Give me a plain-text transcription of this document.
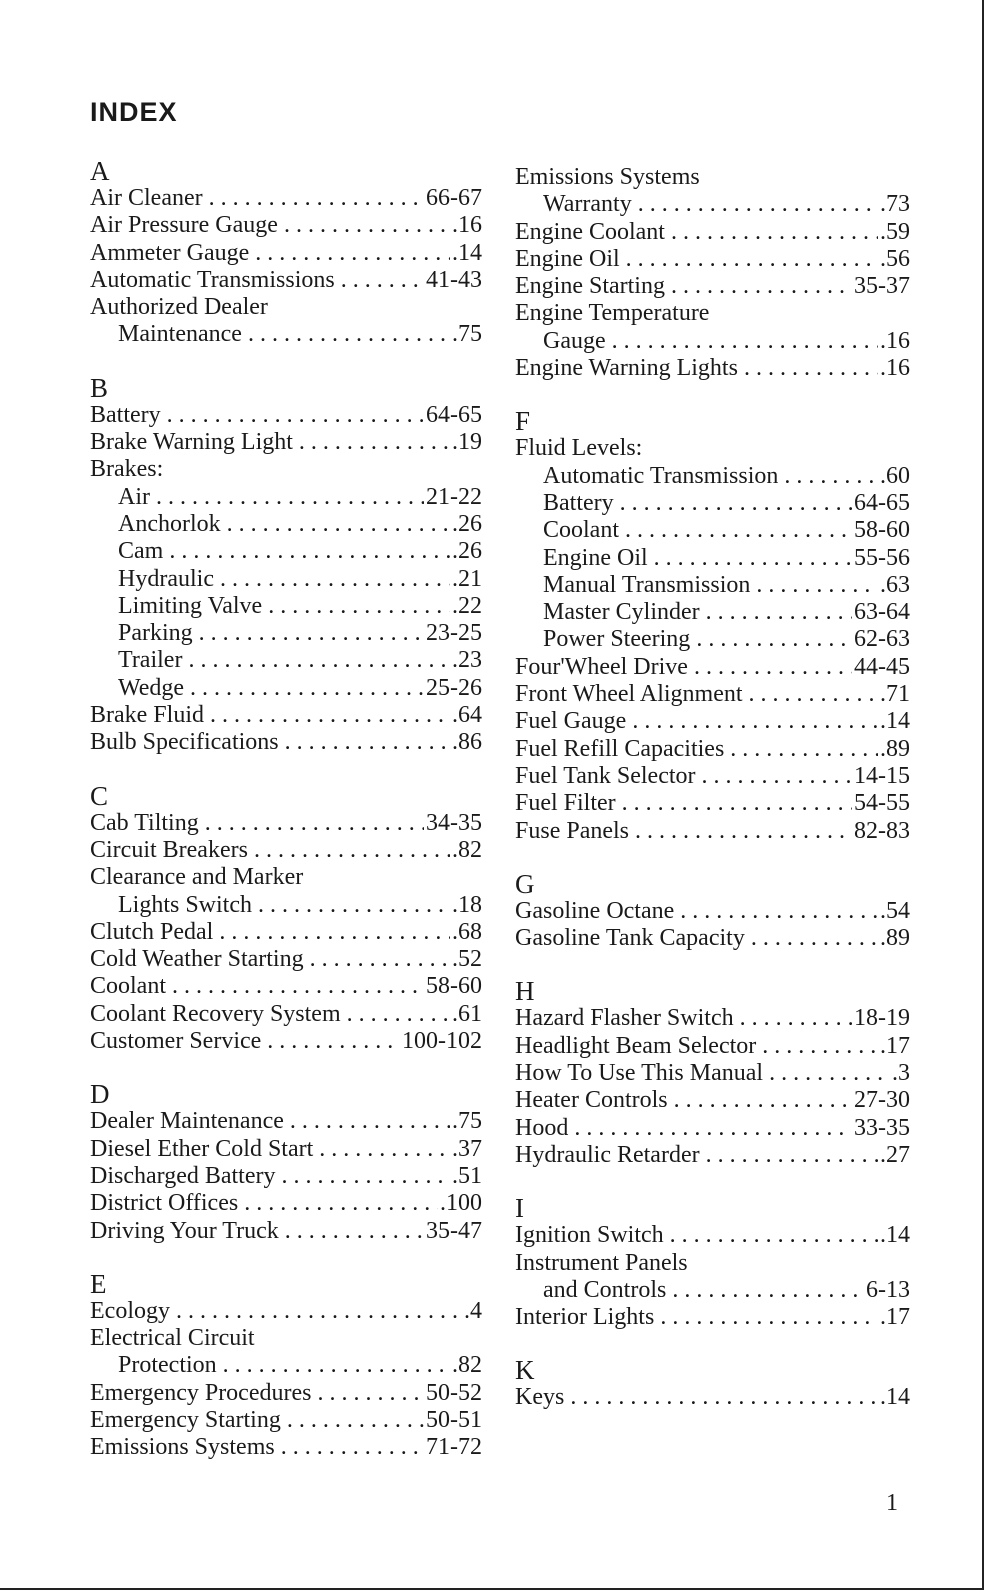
INDEX
A
Air Cleaner . . .	66-67
Air Pressure Gauge . . .	.16
Ammeter Gauge . . .	.14
Automatic Transmissions . . .	41-43
Authorized Dealer
Maintenance . . .	.75
B
Battery . . .	64-65
Brake Warning Light . . .	.19
Brakes:
Air . . .	21-22
Anchorlok . . .	.26
Cam . . .	.26
Hydraulic . . .	.21
Limiting Valve . . .	.22
Parking . . .	23-25
Trailer . . .	.23
Wedge . . .	25-26
Brake Fluid . . .	.64
Bulb Specifications . . .	.86
C
Cab Tilting . . .	34-35
Circuit Breakers . . .	.82
Clearance and Marker
Lights Switch . . .	.18
Clutch Pedal . . .	.68
Cold Weather Starting . . .	.52
Coolant . . .	58-60
Coolant Recovery System . . .	.61
Customer Service . . .	100-102
D
Dealer Maintenance . . .	.75
Diesel Ether Cold Start . . .	.37
Discharged Battery . . .	.51
District Offices . . .	.100
Driving Your Truck . . .	35-47
E
Ecology . . .	.4
Electrical Circuit
Protection . . .	.82
Emergency Procedures . . .	50-52
Emergency Starting . . .	50-51
Emissions Systems . . .	71-72
Emissions Systems
Warranty . . .	.73
Engine Coolant . . .	.59
Engine Oil . . .	.56
Engine Starting . . .	35-37
Engine Temperature
Gauge . . .	.16
Engine Warning Lights . . .	.16
F
Fluid Levels:
Automatic Transmission . . .	.60
Battery . . .	64-65
Coolant . . .	58-60
Engine Oil . . .	55-56
Manual Transmission . . .	.63
Master Cylinder . . .	63-64
Power Steering . . .	62-63
Four'Wheel Drive . . .	44-45
Front Wheel Alignment . . .	.71
Fuel Gauge . . .	.14
Fuel Refill Capacities . . .	.89
Fuel Tank Selector . . .	14-15
Fuel Filter . . .	54-55
Fuse Panels . . .	82-83
G
Gasoline Octane . . .	.54
Gasoline Tank Capacity . . .	.89
H
Hazard Flasher Switch . . .	18-19
Headlight Beam Selector . . .	.17
How To Use This Manual . . .	.3
Heater Controls . . .	27-30
Hood . . .	33-35
Hydraulic Retarder . . .	.27
I
Ignition Switch . . .	.14
Instrument Panels
and Controls . . .	6-13
Interior Lights . . .	.17
K
Keys . . .	.14
1
